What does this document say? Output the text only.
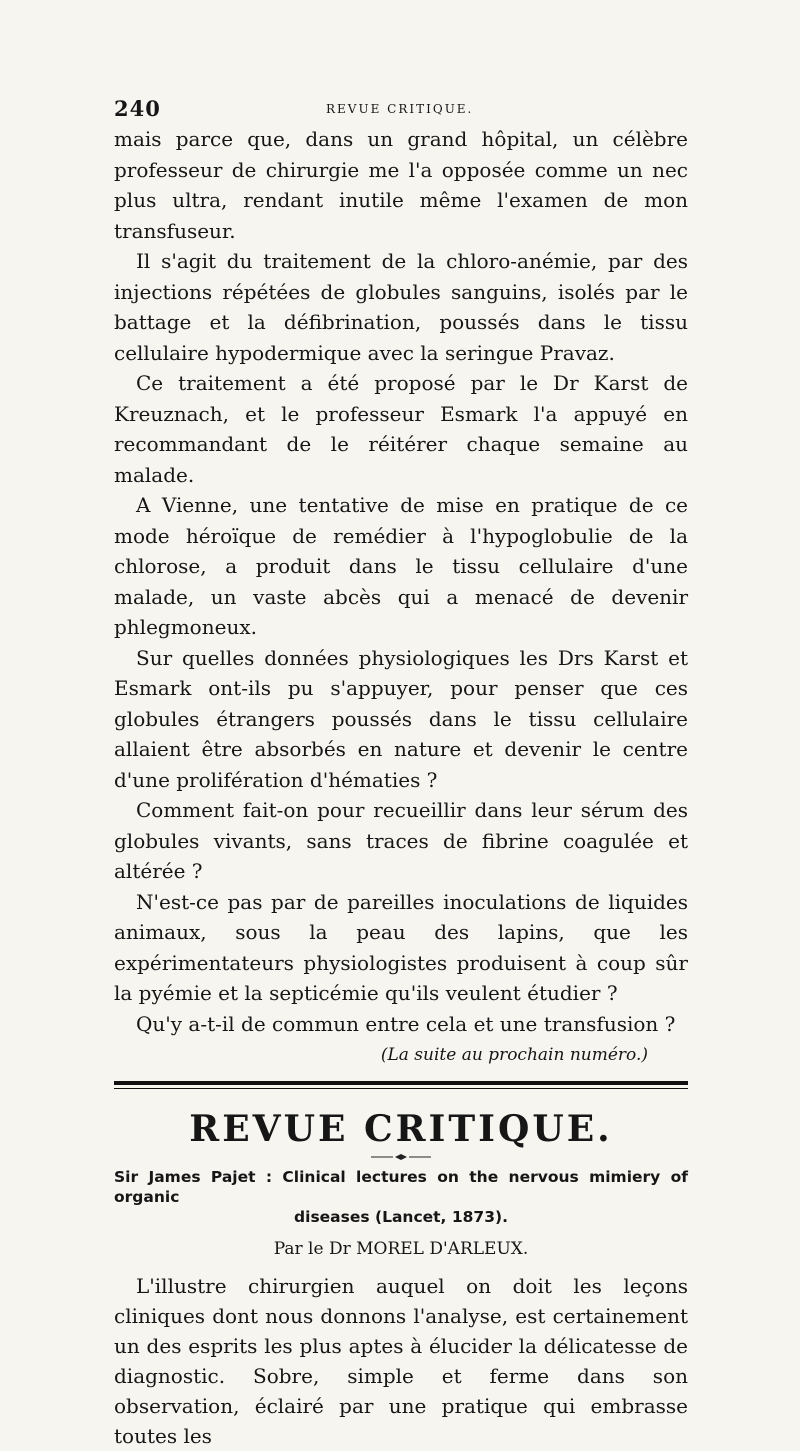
240	REVUE CRITIQUE.

mais parce que, dans un grand hôpital, un célèbre professeur de chirurgie me l'a opposée comme un nec plus ultra, rendant inutile même l'examen de mon transfuseur.

Il s'agit du traitement de la chloro-anémie, par des injections répétées de globules sanguins, isolés par le battage et la défibrination, poussés dans le tissu cellulaire hypodermique avec la seringue Pravaz.

Ce traitement a été proposé par le Dr Karst de Kreuznach, et le professeur Esmark l'a appuyé en recommandant de le réitérer chaque semaine au malade.

A Vienne, une tentative de mise en pratique de ce mode héroïque de remédier à l'hypoglobulie de la chlorose, a produit dans le tissu cellulaire d'une malade, un vaste abcès qui a menacé de devenir phlegmoneux.

Sur quelles données physiologiques les Drs Karst et Esmark ont-ils pu s'appuyer, pour penser que ces globules étrangers poussés dans le tissu cellulaire allaient être absorbés en nature et devenir le centre d'une prolifération d'hématies ?

Comment fait-on pour recueillir dans leur sérum des globules vivants, sans traces de fibrine coagulée et altérée ?

N'est-ce pas par de pareilles inoculations de liquides animaux, sous la peau des lapins, que les expérimentateurs physiologistes produisent à coup sûr la pyémie et la septicémie qu'ils veulent étudier ?

Qu'y a-t-il de commun entre cela et une transfusion ?

(La suite au prochain numéro.)
REVUE CRITIQUE.
Sir James Pajet : Clinical lectures on the nervous mimiery of organic
diseases (Lancet, 1873).
Par le Dr MOREL D'ARLEUX.

L'illustre chirurgien auquel on doit les leçons cliniques dont nous donnons l'analyse, est certainement un des esprits les plus aptes à élucider la délicatesse de diagnostic. Sobre, simple et ferme dans son observation, éclairé par une pratique qui embrasse toutes les
